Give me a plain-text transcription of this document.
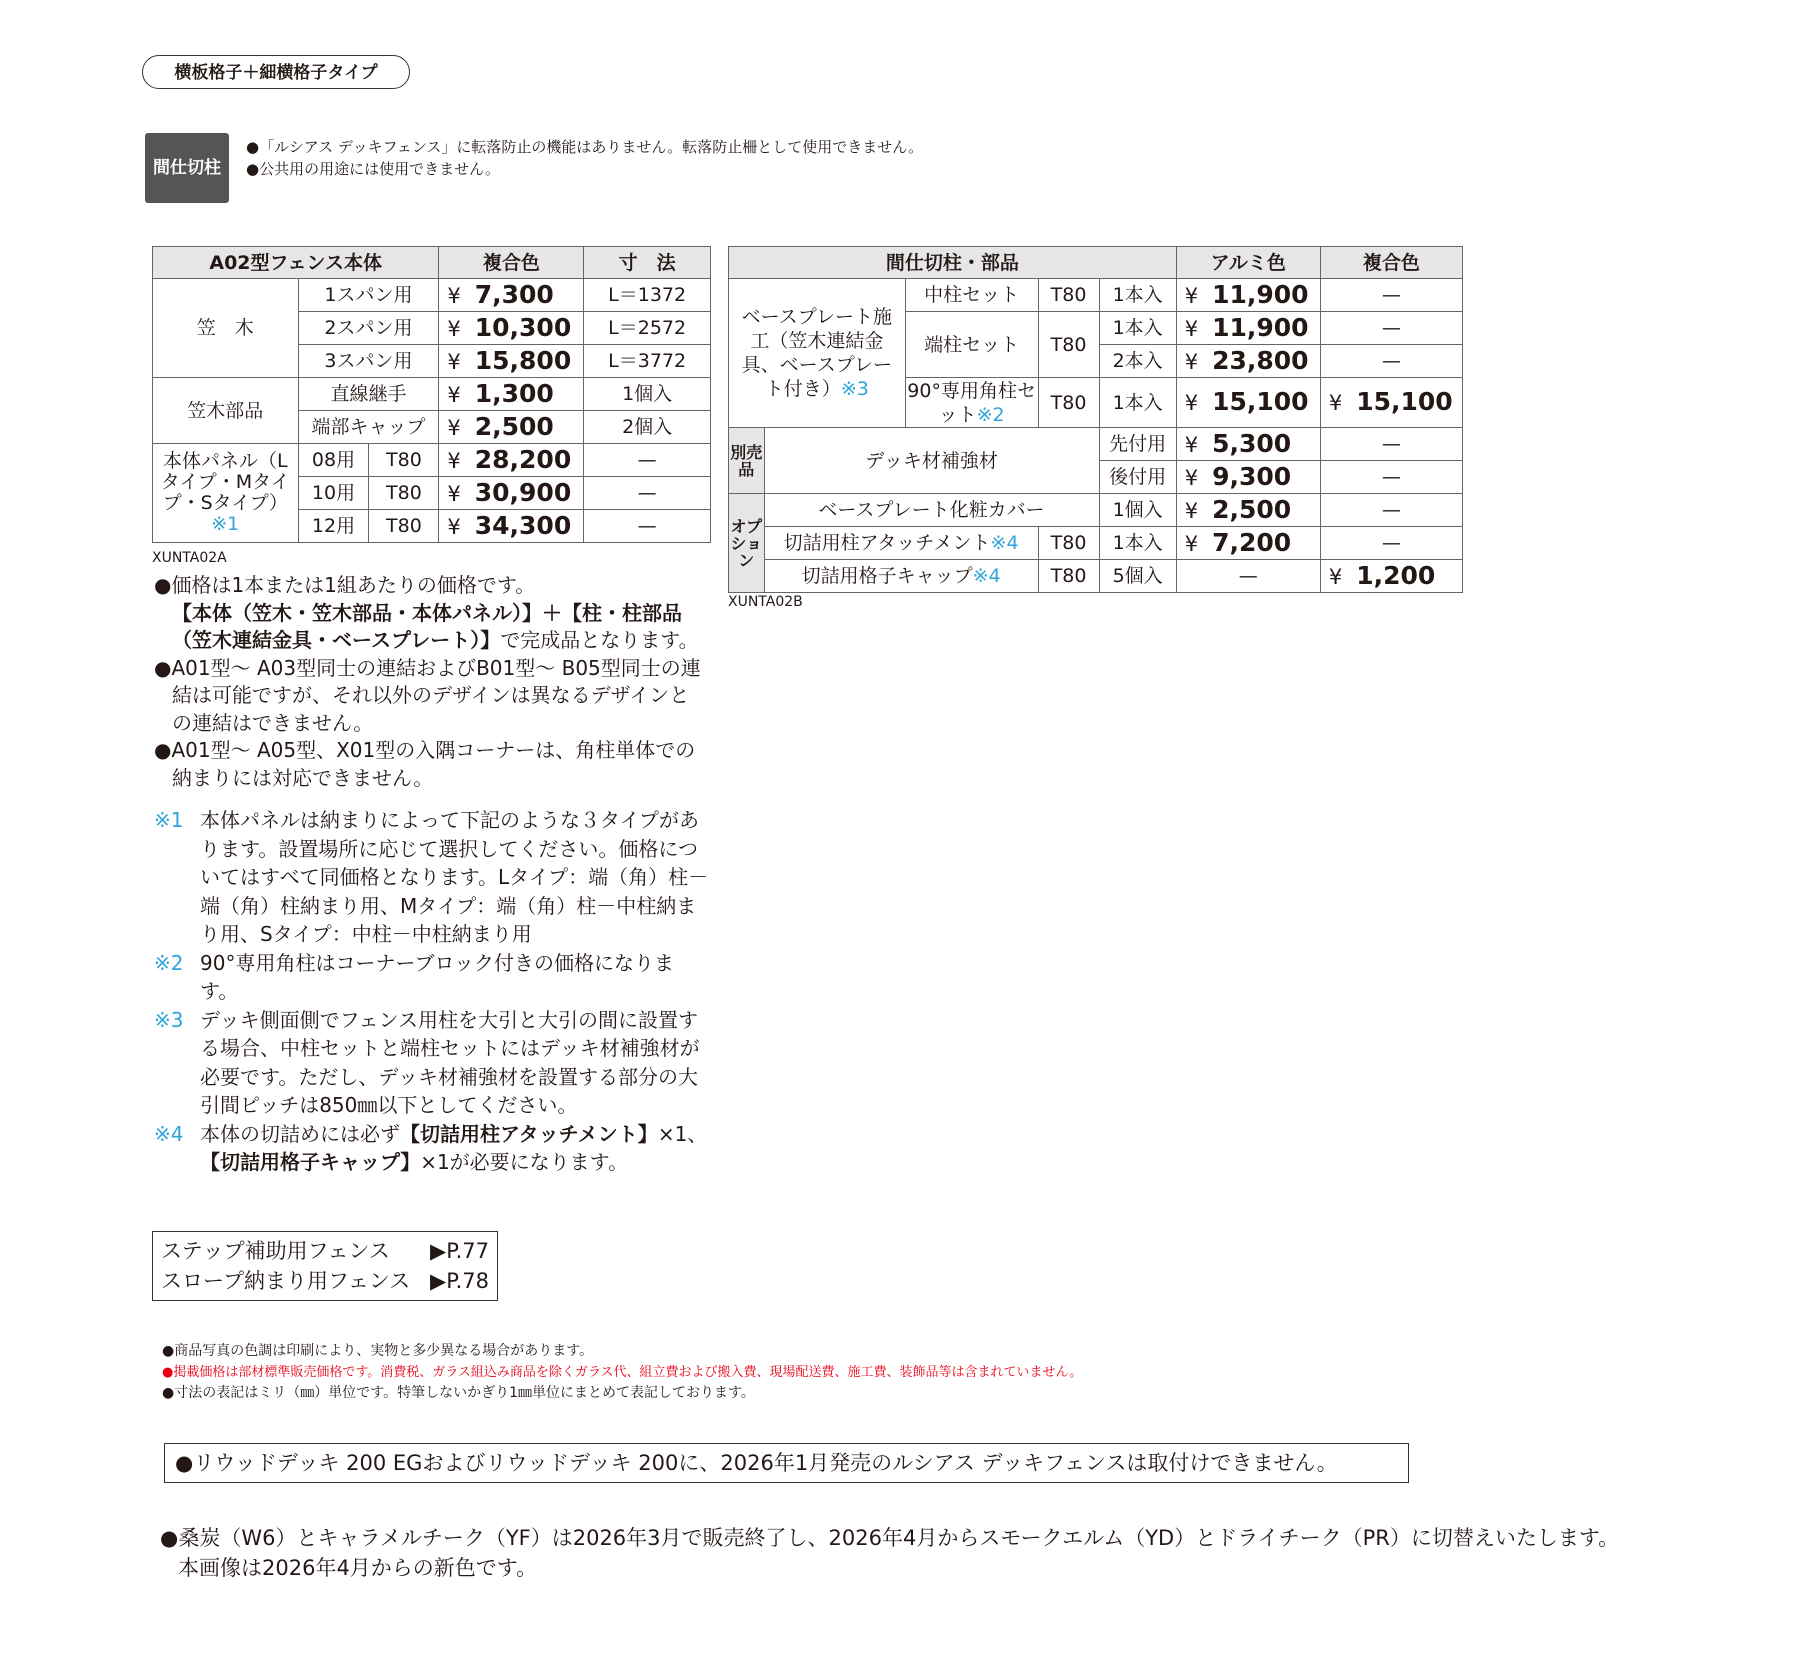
横板格子＋細横格子タイプ
間仕切柱
●「ルシアス デッキフェンス」に転落防止の機能はありません。転落防止柵として使用できません。
●公共用の用途には使用できません。
A02型フェンス本体			複合色	寸　法
笠　木	1スパン用		¥ 7,300	L＝1372
	2スパン用		¥ 10,300	L＝2572
	3スパン用		¥ 15,800	L＝3772
笠木部品	直線継手		¥ 1,300	1個入
	端部キャップ		¥ 2,500	2個入
本体パネル（Lタイプ・Mタイプ・Sタイプ）※1	08用	T80	¥ 28,200	—
	10用	T80	¥ 30,900	—
	12用	T80	¥ 34,300	—
XUNTA02A
間仕切柱・部品					アルミ色	複合色
ベースプレート施　工（笠木連結金具、ベースプレート付き）※3		中柱セット	T80	1本入	¥ 11,900	—
		端柱セット	T80	1本入	¥ 11,900	—
				2本入	¥ 23,800	—
		90°専用角柱セット※2	T80	1本入	¥ 15,100	¥ 15,100
別売品	デッキ材補強材			先付用	¥ 5,300	—
				後付用	¥ 9,300	—
オプション	ベースプレート化粧カバー			1個入	¥ 2,500	—
	切詰用柱アタッチメント※4		T80	1本入	¥ 7,200	—
	切詰用格子キャップ※4		T80	5個入	—	¥ 1,200
XUNTA02B

●価格は1本または1組あたりの価格です。

【本体（笠木・笠木部品・本体パネル）】＋【柱・柱部品（笠木連結金具・ベースプレート）】で完成品となります。

●A01型～ A03型同士の連結およびB01型～ B05型同士の連結は可能ですが、それ以外のデザインは異なるデザインとの連結はできません。

●A01型～ A05型、X01型の入隅コーナーは、角柱単体での納まりには対応できません。

※1 本体パネルは納まりによって下記のような３タイプがあります。設置場所に応じて選択してください。価格についてはすべて同価格となります。Lタイプ：端（角）柱－端（角）柱納まり用、Mタイプ：端（角）柱－中柱納まり用、Sタイプ：中柱－中柱納まり用
※2 90°専用角柱はコーナーブロック付きの価格になります。
※3 デッキ側面側でフェンス用柱を大引と大引の間に設置する場合、中柱セットと端柱セットにはデッキ材補強材が必要です。ただし、デッキ材補強材を設置する部分の大引間ピッチは850㎜以下としてください。
※4 本体の切詰めには必ず【切詰用柱アタッチメント】×1、【切詰用格子キャップ】×1が必要になります。
ステップ補助用フェンス ▶P.77
スロープ納まり用フェンス ▶P.78
●商品写真の色調は印刷により、実物と多少異なる場合があります。
●掲載価格は部材標準販売価格です。消費税、ガラス組込み商品を除くガラス代、組立費および搬入費、現場配送費、施工費、装飾品等は含まれていません。
●寸法の表記はミリ（㎜）単位です。特筆しないかぎり1㎜単位にまとめて表記しております。
●リウッドデッキ 200 EGおよびリウッドデッキ 200に、2026年1月発売のルシアス デッキフェンスは取付けできません。
●桑炭（W6）とキャラメルチーク（YF）は2026年3月で販売終了し、2026年4月からスモークエルム（YD）とドライチーク（PR）に切替えいたします。
本画像は2026年4月からの新色です。
